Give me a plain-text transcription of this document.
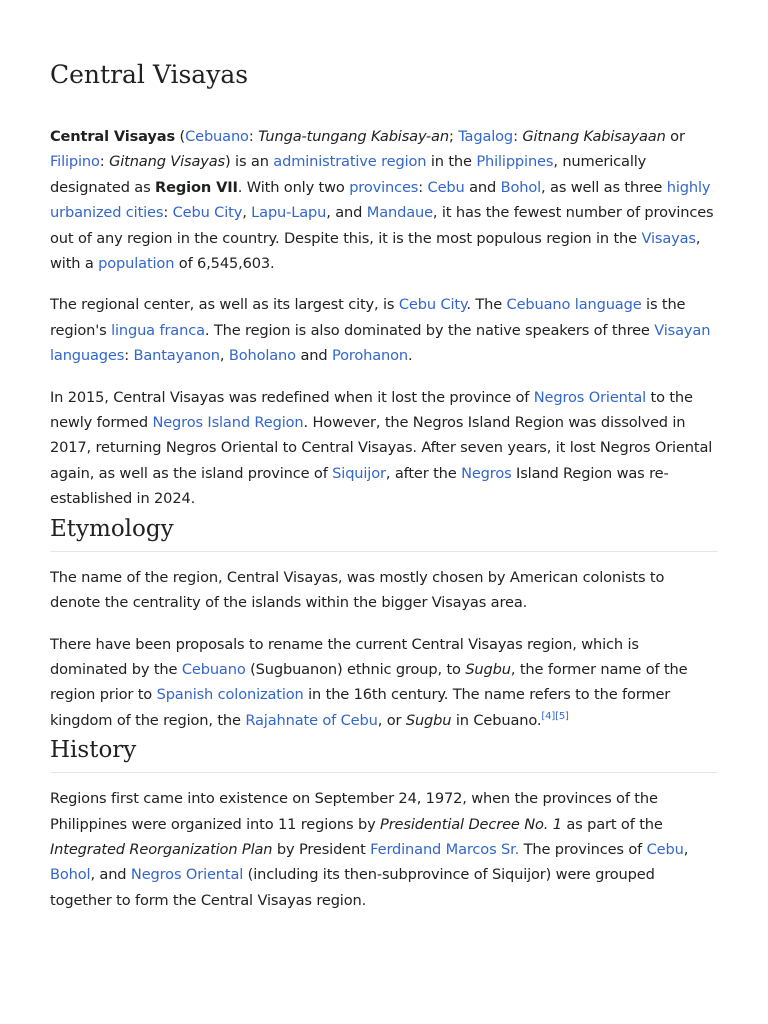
Central Visayas

Central Visayas (Cebuano: Tunga-tungang Kabisay-an; Tagalog: Gitnang Kabisayaan or Filipino: Gitnang Visayas) is an administrative region in the Philippines, numerically designated as Region VII. With only two provinces: Cebu and Bohol, as well as three highly urbanized cities: Cebu City, Lapu-Lapu, and Mandaue, it has the fewest number of provinces out of any region in the country. Despite this, it is the most populous region in the Visayas, with a population of 6,545,603.

The regional center, as well as its largest city, is Cebu City. The Cebuano language is the region's lingua franca. The region is also dominated by the native speakers of three Visayan languages: Bantayanon, Boholano and Porohanon.

In 2015, Central Visayas was redefined when it lost the province of Negros Oriental to the newly formed Negros Island Region. However, the Negros Island Region was dissolved in 2017, returning Negros Oriental to Central Visayas. After seven years, it lost Negros Oriental again, as well as the island province of Siquijor, after the Negros Island Region was re-established in 2024.

Etymology

The name of the region, Central Visayas, was mostly chosen by American colonists to denote the centrality of the islands within the bigger Visayas area.

There have been proposals to rename the current Central Visayas region, which is dominated by the Cebuano (Sugbuanon) ethnic group, to Sugbu, the former name of the region prior to Spanish colonization in the 16th century. The name refers to the former kingdom of the region, the Rajahnate of Cebu, or Sugbu in Cebuano.[4][5]

History

Regions first came into existence on September 24, 1972, when the provinces of the Philippines were organized into 11 regions by Presidential Decree No. 1 as part of the Integrated Reorganization Plan by President Ferdinand Marcos Sr. The provinces of Cebu, Bohol, and Negros Oriental (including its then-subprovince of Siquijor) were grouped together to form the Central Visayas region.
